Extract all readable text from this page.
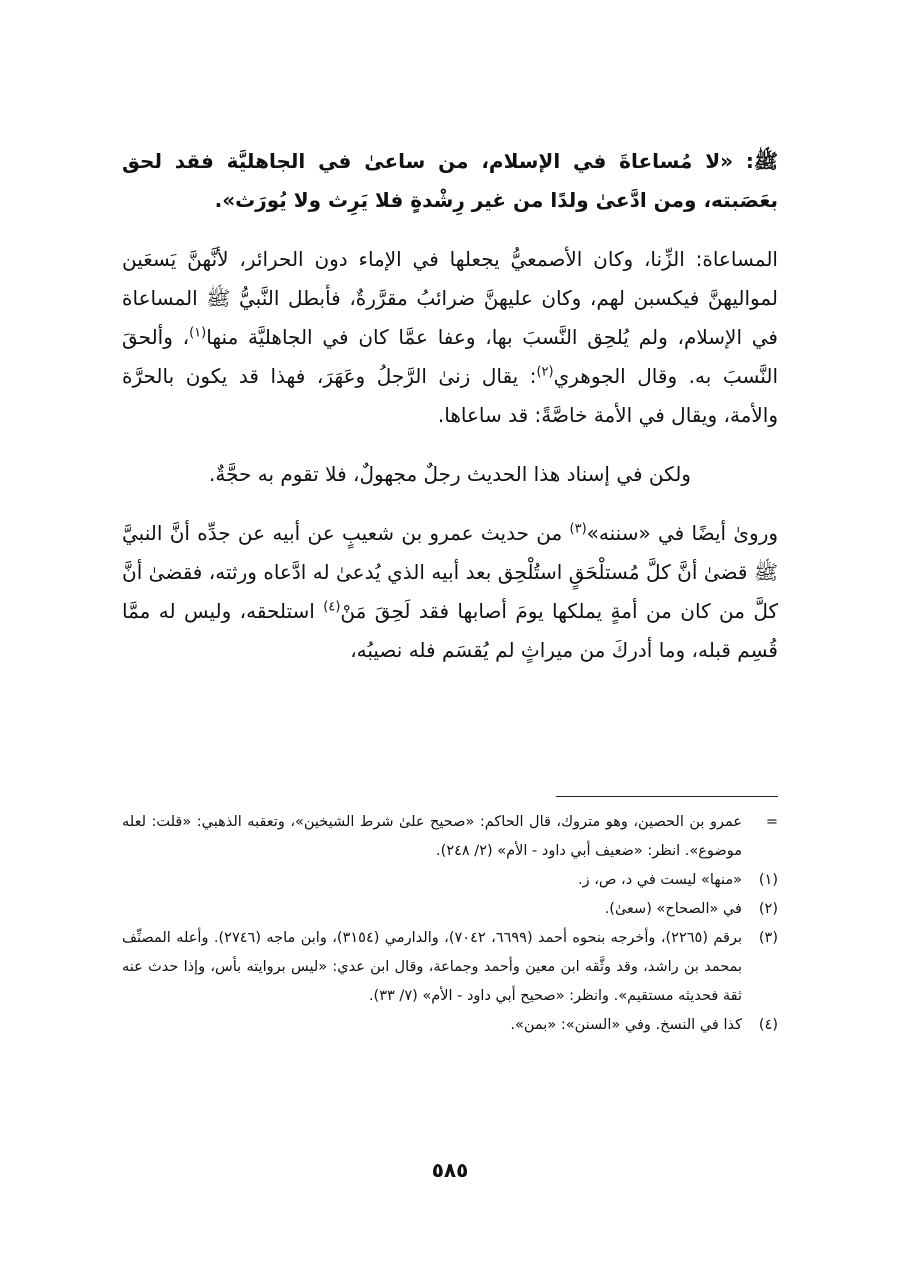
ﷺ: «لا مُساعاةَ في الإسلام، من ساعىٰ في الجاهليَّة فقد لحق بعَصَبته، ومن ادَّعىٰ ولدًا من غير رِشْدةٍ فلا يَرِث ولا يُورَث».

المساعاة: الزِّنا، وكان الأصمعيُّ يجعلها في الإماء دون الحرائر، لأنَّهنَّ يَسعَين لمواليهنَّ فيكسبن لهم، وكان عليهنَّ ضرائبُ مقرَّرةٌ، فأبطل النَّبيُّ ﷺ المساعاة في الإسلام، ولم يُلحِق النَّسبَ بها، وعفا عمَّا كان في الجاهليَّة منها$^{(١)}$، وألحقَ النَّسبَ به. وقال الجوهري$^{(٢)}$: يقال زنىٰ الرَّجلُ وعَهَرَ، فهذا قد يكون بالحرَّة والأمة، ويقال في الأمة خاصَّةً: قد ساعاها.

ولكن في إسناد هذا الحديث رجلٌ مجهولٌ، فلا تقوم به حجَّةٌ.

ورویٰ أيضًا في «سننه»$^{(٣)}$ من حديث عمرو بن شعيبٍ عن أبيه عن جدِّه أنَّ النبيَّ ﷺ قضىٰ أنَّ كلَّ مُستلْحَقٍ استُلْحِق بعد أبيه الذي يُدعىٰ له ادَّعاه ورثته، فقضىٰ أنَّ كلَّ من كان من أمةٍ يملكها يومَ أصابها فقد لَحِقَ مَنْ$^{(٤)}$ استلحقه، وليس له ممَّا قُسِم قبله، وما أدركَ من ميراثٍ لم يُقسَم فله نصيبُه،

=
عمرو بن الحصين، وهو متروك، قال الحاكم: «صحيح علىٰ شرط الشيخين»، وتعقبه الذهبي: «قلت: لعله موضوع». انظر: «ضعيف أبي داود - الأم» (٢/ ٢٤٨).
(١)
«منها» ليست في د، ص، ز.
(٢)
في «الصحاح» (سعىٰ).
(٣)
برقم (٢٢٦٥)، وأخرجه بنحوه أحمد (٦٦٩٩، ٧٠٤٢)، والدارمي (٣١٥٤)، وابن ماجه (٢٧٤٦). وأعله المصنِّف بمحمد بن راشد، وقد وثَّقه ابن معين وأحمد وجماعة، وقال ابن عدي: «ليس بروايته بأس، وإذا حدث عنه ثقة فحديثه مستقيم». وانظر: «صحيح أبي داود - الأم» (٧/ ٣٣).
(٤)
كذا في النسخ. وفي «السنن»: «بمن».
٥٨٥
